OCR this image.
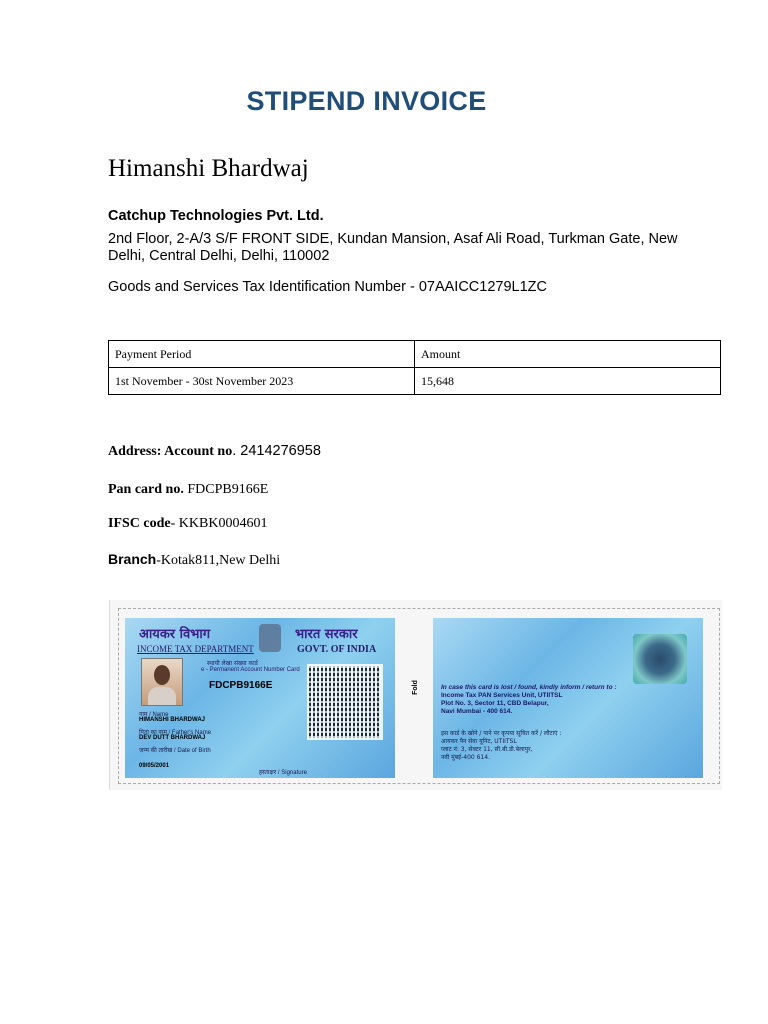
STIPEND INVOICE
Himanshi Bhardwaj
Catchup Technologies Pvt. Ltd.
2nd Floor, 2-A/3 S/F FRONT SIDE, Kundan Mansion, Asaf Ali Road, Turkman Gate, New Delhi, Central Delhi, Delhi, 110002
Goods and Services Tax Identification Number - 07AAICC1279L1ZC
Payment Period	Amount
1st November - 30st November 2023	15,648
Address: Account no. 2414276958
Pan card no. FDCPB9166E
IFSC code- KKBK0004601
Branch-Kotak811,New Delhi
आयकर विभाग	भारत सरकार
INCOME TAX DEPARTMENT	GOVT. OF INDIA
स्थायी लेखा संख्या कार्ड
e - Permanent Account Number Card
FDCPB9166E
नाम / Name
HIMANSHI BHARDWAJ
पिता का नाम / Father's Name
DEV DUTT BHARDWAJ
जन्म की तारीख / Date of Birth
09/05/2001
हस्ताक्षर / Signature
Fold	In case this card is lost / found, kindly inform / return to :
Income Tax PAN Services Unit, UTIITSL
Plot No. 3, Sector 11, CBD Belapur,
Navi Mumbai - 400 614.
इस कार्ड के खोने / पाने पर कृपया सूचित करें / लौटाएं :
आयकर पैन सेवा यूनिट, UTIITSL
प्लाट नं: 3, सेक्टर 11, सी.बी.डी.बेलापुर,
नवी मुंबई-400 614.
